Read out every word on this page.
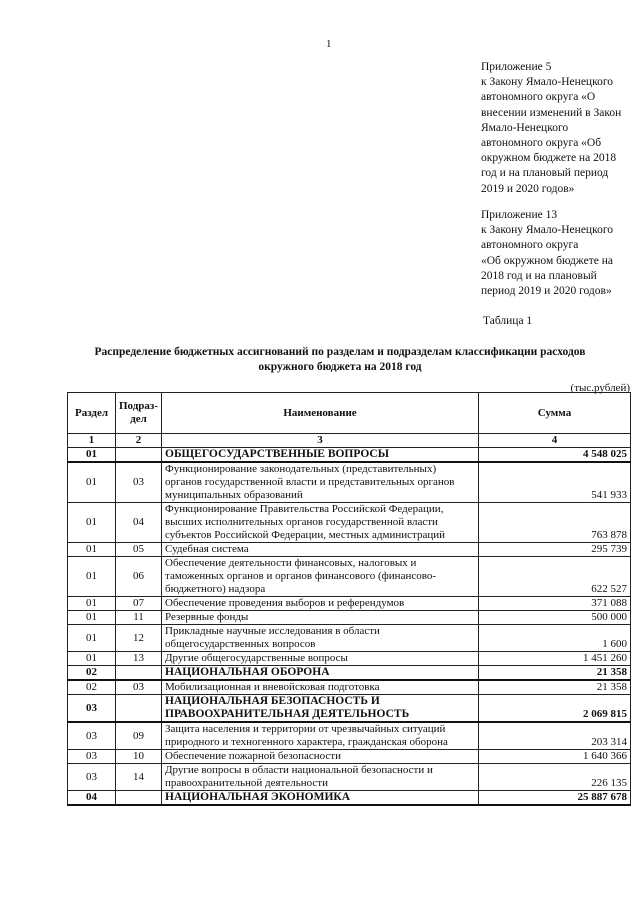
1
Приложение 5
к Закону Ямало-Ненецкого
автономного округа «О
внесении изменений в Закон
Ямало-Ненецкого
автономного округа «Об
окружном бюджете на 2018
год и на плановый период
2019 и 2020 годов»
Приложение 13
к Закону Ямало-Ненецкого
автономного округа
«Об окружном бюджете на
2018 год и на плановый
период 2019 и 2020 годов»
Таблица 1
Распределение бюджетных ассигнований по разделам и подразделам классификации расходов
окружного бюджета на 2018 год
(тыс.рублей)
Раздел	Подраз-дел	Наименование	Сумма
1	2	3	4
01		ОБЩЕГОСУДАРСТВЕННЫЕ ВОПРОСЫ	4 548 025
01	03	Функционирование законодательных (представительных) органов государственной власти и представительных органов муниципальных образований	541 933
01	04	Функционирование Правительства Российской Федерации, высших исполнительных органов государственной власти субъектов Российской Федерации, местных администраций	763 878
01	05	Судебная система	295 739
01	06	Обеспечение деятельности финансовых, налоговых и таможенных органов и органов финансового (финансово-бюджетного) надзора	622 527
01	07	Обеспечение проведения выборов и референдумов	371 088
01	11	Резервные фонды	500 000
01	12	Прикладные научные исследования в области общегосударственных вопросов	1 600
01	13	Другие общегосударственные вопросы	1 451 260
02		НАЦИОНАЛЬНАЯ ОБОРОНА	21 358
02	03	Мобилизационная и вневойсковая подготовка	21 358
03		НАЦИОНАЛЬНАЯ БЕЗОПАСНОСТЬ И ПРАВООХРАНИТЕЛЬНАЯ ДЕЯТЕЛЬНОСТЬ	2 069 815
03	09	Защита населения и территории от чрезвычайных ситуаций природного и техногенного характера, гражданская оборона	203 314
03	10	Обеспечение пожарной безопасности	1 640 366
03	14	Другие вопросы в области национальной безопасности и правоохранительной деятельности	226 135
04		НАЦИОНАЛЬНАЯ ЭКОНОМИКА	25 887 678
